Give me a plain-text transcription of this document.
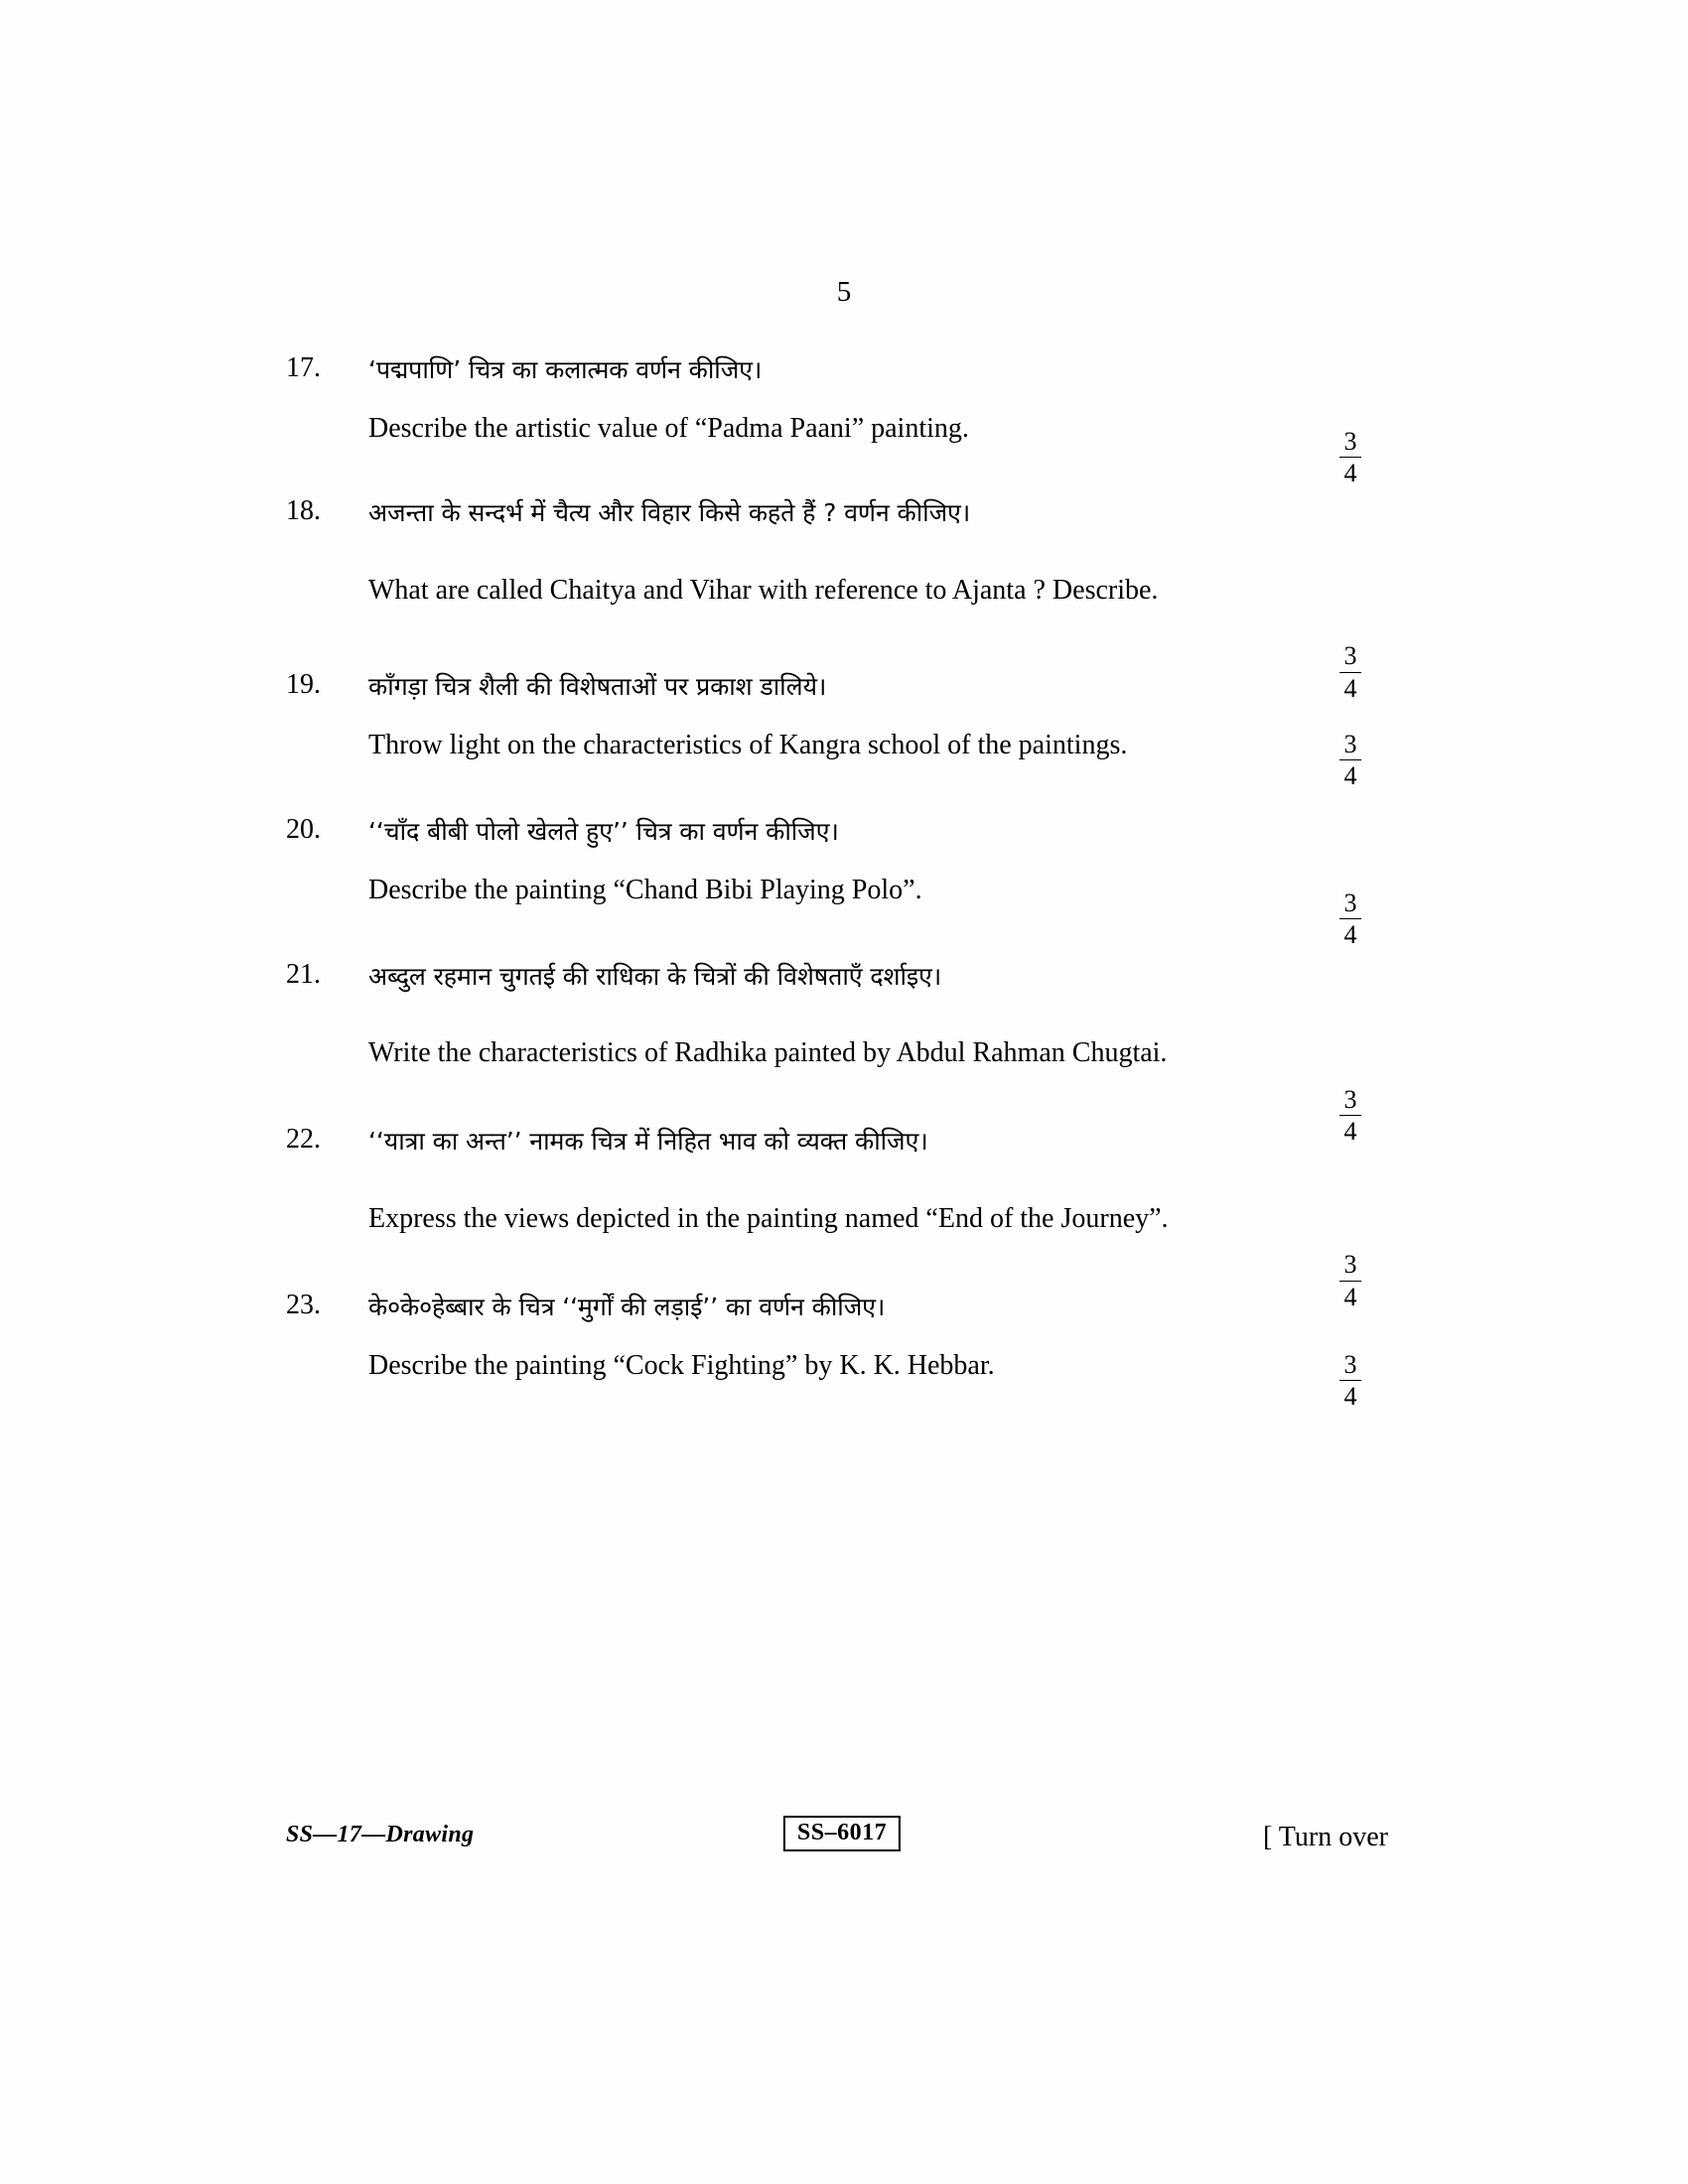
5
17. ‘पद्मपाणि’ चित्र का कलात्मक वर्णन कीजिए।
Describe the artistic value of “Padma Paani” painting.	3
4
18. अजन्ता के सन्दर्भ में चैत्य और विहार किसे कहते हैं ? वर्णन कीजिए।
What are called Chaitya and Vihar with reference to Ajanta ? Describe.
3
4
19. काँगड़ा चित्र शैली की विशेषताओं पर प्रकाश डालिये।
Throw light on the characteristics of Kangra school of the paintings.	3
4
20. ‘‘चाँद बीबी पोलो खेलते हुए’’ चित्र का वर्णन कीजिए।
Describe the painting “Chand Bibi Playing Polo”.	3
4
21. अब्दुल रहमान चुगतई की राधिका के चित्रों की विशेषताएँ दर्शाइए।
Write the characteristics of Radhika painted by Abdul Rahman Chugtai.
3
4
22. ‘‘यात्रा का अन्त’’ नामक चित्र में निहित भाव को व्यक्त कीजिए।
Express the views depicted in the painting named “End of the Journey”.
3
4
23. के०के०हेब्बार के चित्र ‘‘मुर्गों की लड़ाई’’ का वर्णन कीजिए।
Describe the painting “Cock Fighting” by K. K. Hebbar.	3
4
SS—17—Drawing	SS–6017	[ Turn over
